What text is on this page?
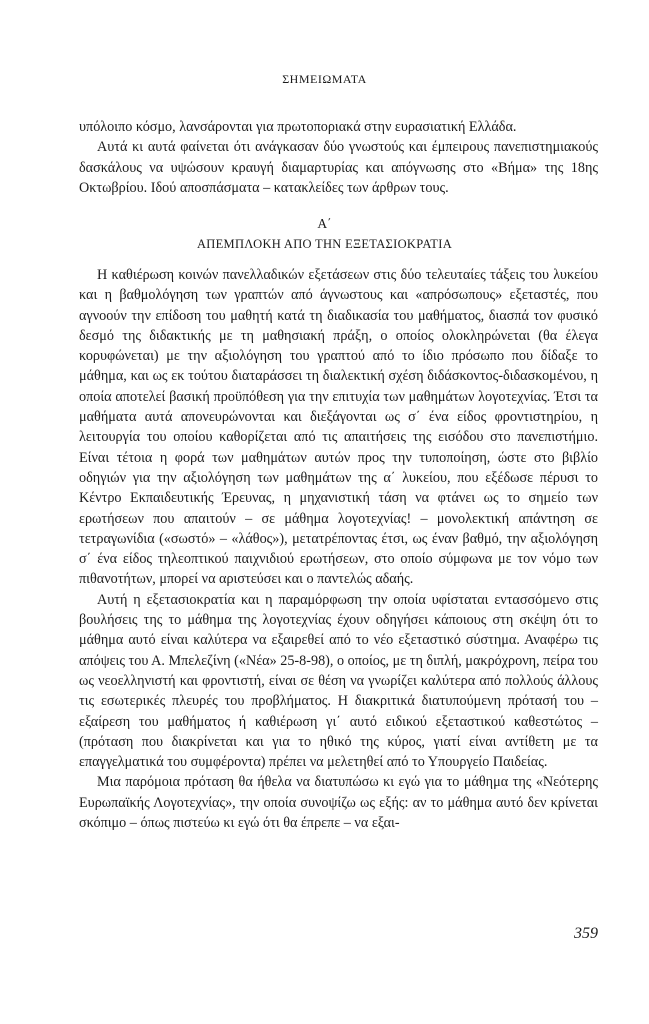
ΣΗΜΕΙΩΜΑΤΑ

υπόλοιπο κόσμο, λανσάρονται για πρωτοποριακά στην ευρασιατική Ελλάδα.

Αυτά κι αυτά φαίνεται ότι ανάγκασαν δύο γνωστούς και έμπειρους πανεπιστημιακούς δασκάλους να υψώσουν κραυγή διαμαρτυρίας και απόγνωσης στο «Βήμα» της 18ης Οκτωβρίου. Ιδού αποσπάσματα – κατακλείδες των άρθρων τους.

Α΄
ΑΠΕΜΠΛΟΚΗ ΑΠΟ ΤΗΝ ΕΞΕΤΑΣΙΟΚΡΑΤΙΑ

Η καθιέρωση κοινών πανελλαδικών εξετάσεων στις δύο τελευταίες τάξεις του λυκείου και η βαθμολόγηση των γραπτών από άγνωστους και «απρόσωπους» εξεταστές, που αγνοούν την επίδοση του μαθητή κατά τη διαδικασία του μαθήματος, διασπά τον φυσικό δεσμό της διδακτικής με τη μαθησιακή πράξη, ο οποίος ολοκληρώνεται (θα έλεγα κορυφώνεται) με την αξιολόγηση του γραπτού από το ίδιο πρόσωπο που δίδαξε το μάθημα, και ως εκ τούτου διαταράσσει τη διαλεκτική σχέση διδάσκοντος-διδασκομένου, η οποία αποτελεί βασική προϋπόθεση για την επιτυχία των μαθημάτων λογοτεχνίας. Έτσι τα μαθήματα αυτά απονευρώνονται και διεξάγονται ως σ΄ ένα είδος φροντιστηρίου, η λειτουργία του οποίου καθορίζεται από τις απαιτήσεις της εισόδου στο πανεπιστήμιο. Είναι τέτοια η φορά των μαθημάτων αυτών προς την τυποποίηση, ώστε στο βιβλίο οδηγιών για την αξιολόγηση των μαθημάτων της α΄ λυκείου, που εξέδωσε πέρυσι το Κέντρο Εκπαιδευτικής Έρευνας, η μηχανιστική τάση να φτάνει ως το σημείο των ερωτήσεων που απαιτούν – σε μάθημα λογοτεχνίας! – μονολεκτική απάντηση σε τετραγωνίδια («σωστό» – «λάθος»), μετατρέποντας έτσι, ως έναν βαθμό, την αξιολόγηση σ΄ ένα είδος τηλεοπτικού παιχνιδιού ερωτήσεων, στο οποίο σύμφωνα με τον νόμο των πιθανοτήτων, μπορεί να αριστεύσει και ο παντελώς αδαής.

Αυτή η εξετασιοκρατία και η παραμόρφωση την οποία υφίσταται εντασσόμενο στις βουλήσεις της το μάθημα της λογοτεχνίας έχουν οδηγήσει κάποιους στη σκέψη ότι το μάθημα αυτό είναι καλύτερα να εξαιρεθεί από το νέο εξεταστικό σύστημα. Αναφέρω τις απόψεις του Α. Μπελεζίνη («Νέα» 25-8-98), ο οποίος, με τη διπλή, μακρόχρονη, πείρα του ως νεοελληνιστή και φροντιστή, είναι σε θέση να γνωρίζει καλύτερα από πολλούς άλλους τις εσωτερικές πλευρές του προβλήματος. Η διακριτικά διατυπούμενη πρότασή του – εξαίρεση του μαθήματος ή καθιέρωση γι΄ αυτό ειδικού εξεταστικού καθεστώτος – (πρόταση που διακρίνεται και για το ηθικό της κύρος, γιατί είναι αντίθετη με τα επαγγελματικά του συμφέροντα) πρέπει να μελετηθεί από το Υπουργείο Παιδείας.

Μια παρόμοια πρόταση θα ήθελα να διατυπώσω κι εγώ για το μάθημα της «Νεότερης Ευρωπαϊκής Λογοτεχνίας», την οποία συνοψίζω ως εξής: αν το μάθημα αυτό δεν κρίνεται σκόπιμο – όπως πιστεύω κι εγώ ότι θα έπρεπε – να εξαι-

359
